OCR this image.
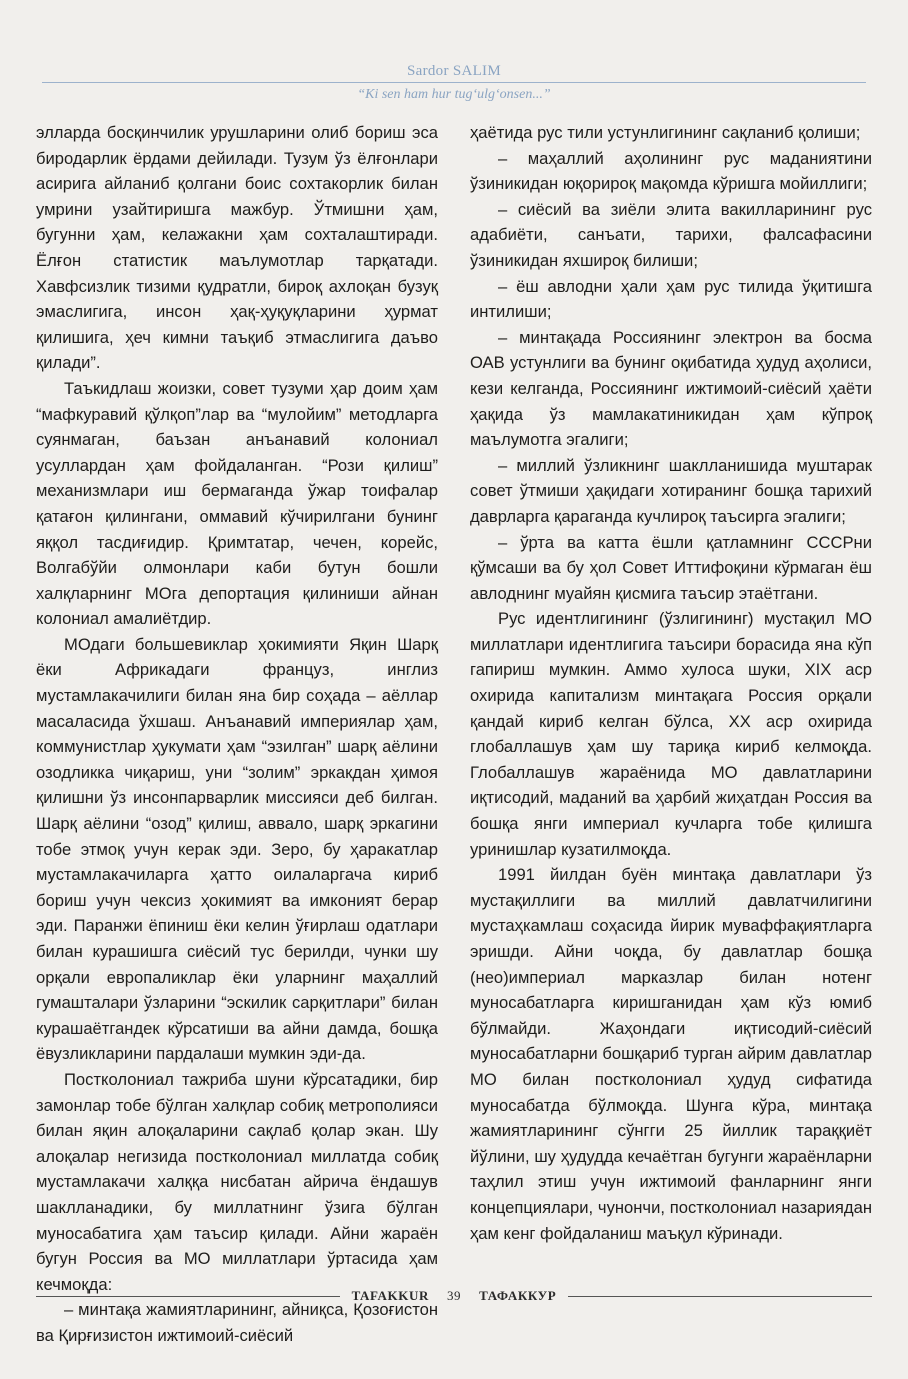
Sardor SALIM
“Ki sen ham hur tug‘ulg‘onsen...”

элларда босқинчилик урушларини олиб бориш эса биродарлик ёрдами дейилади. Тузум ўз ёлғонлари асирига айланиб қолгани боис сохтакорлик билан умрини узайтиришга мажбур. Ўтмишни ҳам, бугунни ҳам, келажакни ҳам сохталаштиради. Ёлғон статистик маълумотлар тарқатади. Хавфсизлик тизими қудратли, бироқ ахлоқан бузуқ эмаслигига, инсон ҳақ-ҳуқуқларини ҳурмат қилишига, ҳеч кимни таъқиб этмаслигига даъво қилади”.

Таъкидлаш жоизки, совет тузуми ҳар доим ҳам “мафкуравий қўлқоп”лар ва “мулойим” методларга суянмаган, баъзан анъанавий колониал усуллардан ҳам фойдаланган. “Рози қилиш” механизмлари иш бермаганда ўжар тоифалар қатағон қилингани, оммавий кўчирилгани бунинг яққол тасдиғидир. Қримтатар, чечен, корейс, Волгабўйи олмонлари каби бутун бошли халқларнинг МОга депортация қилиниши айнан колониал амалиётдир.

МОдаги большевиклар ҳокимияти Яқин Шарқ ёки Африкадаги француз, инглиз мустамлакачилиги билан яна бир соҳада – аёллар масаласида ўхшаш. Анъанавий империялар ҳам, коммунистлар ҳукумати ҳам “эзилган” шарқ аёлини озодликка чиқариш, уни “золим” эркакдан ҳимоя қилишни ўз инсонпарварлик миссияси деб билган. Шарқ аёлини “озод” қилиш, аввало, шарқ эркагини тобе этмоқ учун керак эди. Зеро, бу ҳаракатлар мустамлакачиларга ҳатто оилаларгача кириб бориш учун чексиз ҳокимият ва имконият берар эди. Паранжи ёпиниш ёки келин ўғирлаш одатлари билан курашишга сиёсий тус берилди, чунки шу орқали европаликлар ёки уларнинг маҳаллий гумашталари ўзларини “эскилик сарқитлари” билан курашаётгандек кўрсатиши ва айни дамда, бошқа ёвузликларини пардалаши мумкин эди-да.

Постколониал тажриба шуни кўрсатадики, бир замонлар тобе бўлган халқлар собиқ метрополияси билан яқин алоқаларини сақлаб қолар экан. Шу алоқалар негизида постколониал миллатда собиқ мустамлакачи халққа нисбатан айрича ёндашув шаклланадики, бу миллатнинг ўзига бўлган муносабатига ҳам таъсир қилади. Айни жараён бугун Россия ва МО миллатлари ўртасида ҳам кечмоқда:

– минтақа жамиятларининг, айниқса, Қозоғистон ва Қирғизистон ижтимоий-сиёсий

ҳаётида рус тили устунлигининг сақланиб қолиши;

– маҳаллий аҳолининг рус маданиятини ўзиникидан юқорироқ мақомда кўришга мойиллиги;

– сиёсий ва зиёли элита вакилларининг рус адабиёти, санъати, тарихи, фалсафасини ўзиникидан яхшироқ билиши;

– ёш авлодни ҳали ҳам рус тилида ўқитишга интилиши;

– минтақада Россиянинг электрон ва босма ОАВ устунлиги ва бунинг оқибатида ҳудуд аҳолиси, кези келганда, Россиянинг ижтимоий-сиёсий ҳаёти ҳақида ўз мамлакатиникидан ҳам кўпроқ маълумотга эгалиги;

– миллий ўзликнинг шаклланишида муштарак совет ўтмиши ҳақидаги хотиранинг бошқа тарихий даврларга қараганда кучлироқ таъсирга эгалиги;

– ўрта ва катта ёшли қатламнинг СССРни қўмсаши ва бу ҳол Совет Иттифоқини кўрмаган ёш авлоднинг муайян қисмига таъсир этаётгани.

Рус идентлигининг (ўзлигининг) мустақил МО миллатлари идентлигига таъсири борасида яна кўп гапириш мумкин. Аммо хулоса шуки, XIX аср охирида капитализм минтақага Россия орқали қандай кириб келган бўлса, XX аср охирида глобаллашув ҳам шу тариқа кириб келмоқда. Глобаллашув жараёнида МО давлатларини иқтисодий, маданий ва ҳарбий жиҳатдан Россия ва бошқа янги империал кучларга тобе қилишга уринишлар кузатилмоқда.

1991 йилдан буён минтақа давлатлари ўз мустақиллиги ва миллий давлатчилигини мустаҳкамлаш соҳасида йирик муваффақиятларга эришди. Айни чоқда, бу давлатлар бошқа (нео)империал марказлар билан нотенг муносабатларга киришганидан ҳам кўз юмиб бўлмайди. Жаҳондаги иқтисодий-сиёсий муносабатларни бошқариб турган айрим давлатлар МО билан постколониал ҳудуд сифатида муносабатда бўлмоқда. Шунга кўра, минтақа жамиятларининг сўнгги 25 йиллик тараққиёт йўлини, шу ҳудудда кечаётган бугунги жараёнларни таҳлил этиш учун ижтимоий фанларнинг янги концепциялари, чунончи, постколониал назариядан ҳам кенг фойдаланиш маъқул кўринади.

TAFAKKUR	39	ТАФАККУР
